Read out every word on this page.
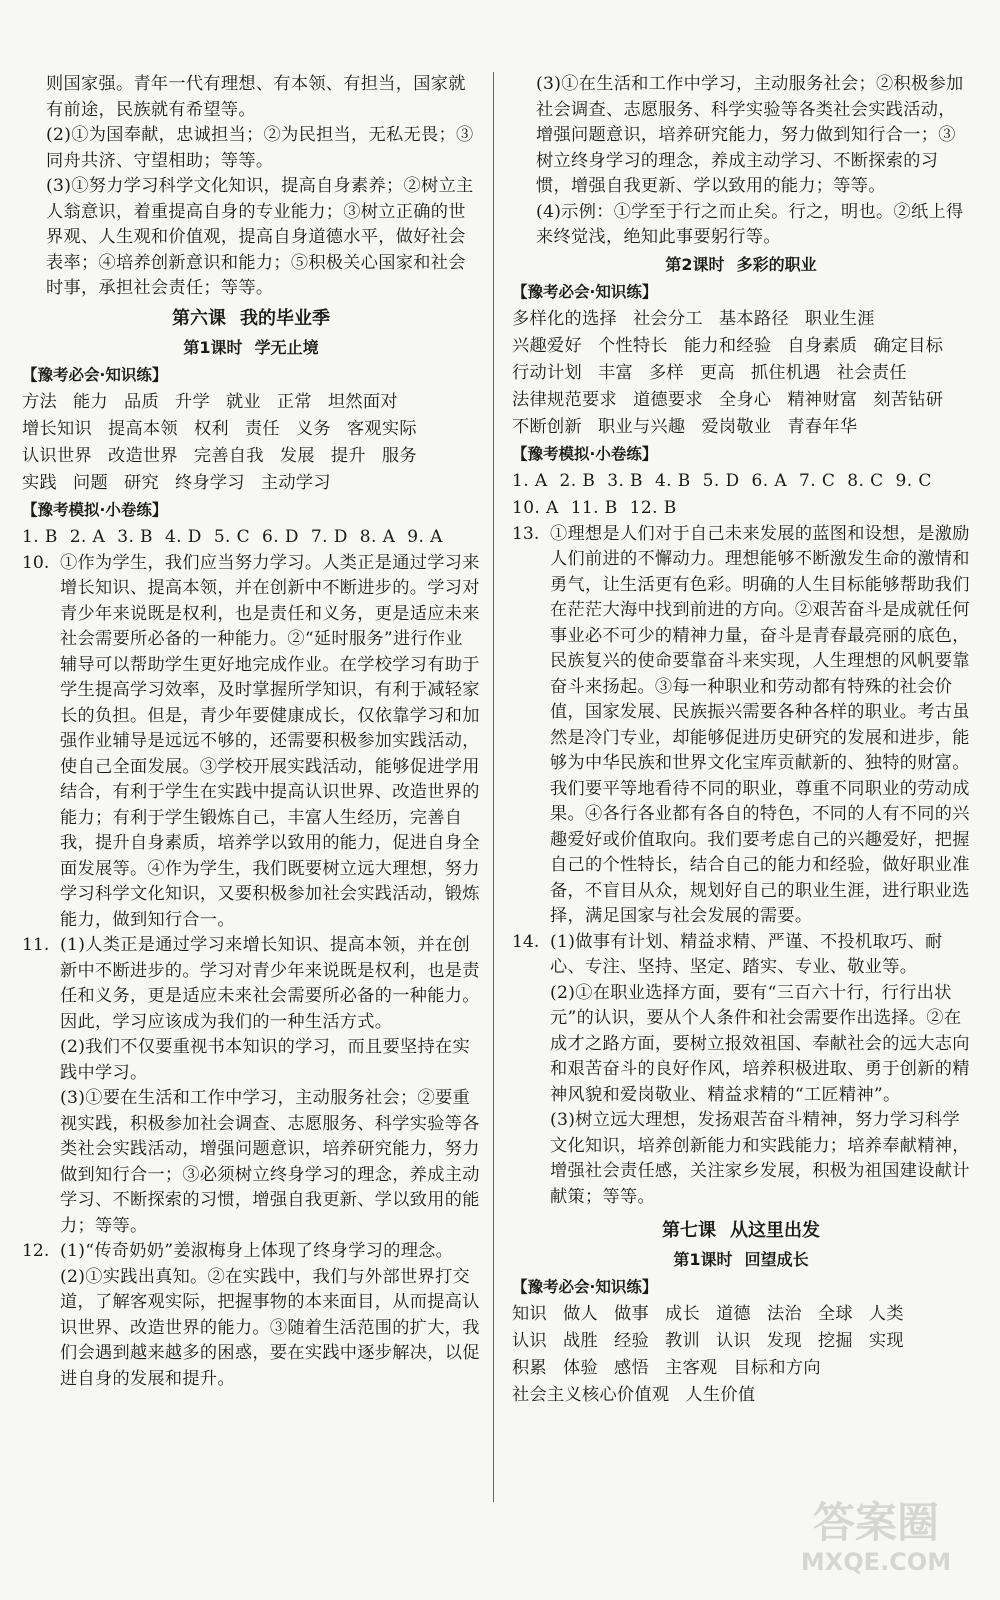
则国家强。青年一代有理想、有本领、有担当，国家就有前途，民族就有希望等。

(2)①为国奉献，忠诚担当；②为民担当，无私无畏；③同舟共济、守望相助；等等。

(3)①努力学习科学文化知识，提高自身素养；②树立主人翁意识，着重提高自身的专业能力；③树立正确的世界观、人生观和价值观，提高自身道德水平，做好社会表率；④培养创新意识和能力；⑤积极关心国家和社会时事，承担社会责任；等等。

第六课 我的毕业季
第1课时 学无止境
【豫考必会·知识练】
方法 能力 品质 升学 就业 正常 坦然面对增长知识 提高本领 权利 责任 义务 客观实际认识世界 改造世界 完善自我 发展 提升 服务实践 问题 研究 终身学习 主动学习
【豫考模拟·小卷练】
1. B 2. A 3. B 4. D 5. C 6. D 7. D 8. A 9. A
10. ①作为学生，我们应当努力学习。人类正是通过学习来增长知识、提高本领，并在创新中不断进步的。学习对青少年来说既是权利，也是责任和义务，更是适应未来社会需要所必备的一种能力。②“延时服务”进行作业辅导可以帮助学生更好地完成作业。在学校学习有助于学生提高学习效率，及时掌握所学知识，有利于减轻家长的负担。但是，青少年要健康成长，仅依靠学习和加强作业辅导是远远不够的，还需要积极参加实践活动，使自己全面发展。③学校开展实践活动，能够促进学用结合，有利于学生在实践中提高认识世界、改造世界的能力；有利于学生锻炼自己，丰富人生经历，完善自我，提升自身素质，培养学以致用的能力，促进自身全面发展等。④作为学生，我们既要树立远大理想，努力学习科学文化知识，又要积极参加社会实践活动，锻炼能力，做到知行合一。

11. (1)人类正是通过学习来增长知识、提高本领，并在创新中不断进步的。学习对青少年来说既是权利，也是责任和义务，更是适应未来社会需要所必备的一种能力。因此，学习应该成为我们的一种生活方式。

(2)我们不仅要重视书本知识的学习，而且要坚持在实践中学习。

(3)①要在生活和工作中学习，主动服务社会；②要重视实践，积极参加社会调查、志愿服务、科学实验等各类社会实践活动，增强问题意识，培养研究能力，努力做到知行合一；③必须树立终身学习的理念，养成主动学习、不断探索的习惯，增强自我更新、学以致用的能力；等等。

12. (1)“传奇奶奶”姜淑梅身上体现了终身学习的理念。

(2)①实践出真知。②在实践中，我们与外部世界打交道，了解客观实际，把握事物的本来面目，从而提高认识世界、改造世界的能力。③随着生活范围的扩大，我们会遇到越来越多的困惑，要在实践中逐步解决，以促进自身的发展和提升。

(3)①在生活和工作中学习，主动服务社会；②积极参加社会调查、志愿服务、科学实验等各类社会实践活动，增强问题意识，培养研究能力，努力做到知行合一；③树立终身学习的理念，养成主动学习、不断探索的习惯，增强自我更新、学以致用的能力；等等。

(4)示例：①学至于行之而止矣。行之，明也。②纸上得来终觉浅，绝知此事要躬行等。

第2课时 多彩的职业
【豫考必会·知识练】
多样化的选择 社会分工 基本路径 职业生涯兴趣爱好 个性特长 能力和经验 自身素质 确定目标行动计划 丰富 多样 更高 抓住机遇 社会责任法律规范要求 道德要求 全身心 精神财富 刻苦钻研不断创新 职业与兴趣 爱岗敬业 青春年华
【豫考模拟·小卷练】
1. A 2. B 3. B 4. B 5. D 6. A 7. C 8. C 9. C10. A 11. B 12. B
13. ①理想是人们对于自己未来发展的蓝图和设想，是激励人们前进的不懈动力。理想能够不断激发生命的激情和勇气，让生活更有色彩。明确的人生目标能够帮助我们在茫茫大海中找到前进的方向。②艰苦奋斗是成就任何事业必不可少的精神力量，奋斗是青春最亮丽的底色，民族复兴的使命要靠奋斗来实现，人生理想的风帆要靠奋斗来扬起。③每一种职业和劳动都有特殊的社会价值，国家发展、民族振兴需要各种各样的职业。考古虽然是冷门专业，却能够促进历史研究的发展和进步，能够为中华民族和世界文化宝库贡献新的、独特的财富。我们要平等地看待不同的职业，尊重不同职业的劳动成果。④各行各业都有各自的特色，不同的人有不同的兴趣爱好或价值取向。我们要考虑自己的兴趣爱好，把握自己的个性特长，结合自己的能力和经验，做好职业准备，不盲目从众，规划好自己的职业生涯，进行职业选择，满足国家与社会发展的需要。

14. (1)做事有计划、精益求精、严谨、不投机取巧、耐心、专注、坚持、坚定、踏实、专业、敬业等。

(2)①在职业选择方面，要有“三百六十行，行行出状元”的认识，要从个人条件和社会需要作出选择。②在成才之路方面，要树立报效祖国、奉献社会的远大志向和艰苦奋斗的良好作风，培养积极进取、勇于创新的精神风貌和爱岗敬业、精益求精的“工匠精神”。

(3)树立远大理想，发扬艰苦奋斗精神，努力学习科学文化知识，培养创新能力和实践能力；培养奉献精神，增强社会责任感，关注家乡发展，积极为祖国建设献计献策；等等。

第七课 从这里出发
第1课时 回望成长
【豫考必会·知识练】
知识 做人 做事 成长 道德 法治 全球 人类认识 战胜 经验 教训 认识 发现 挖掘 实现积累 体验 感悟 主客观 目标和方向社会主义核心价值观 人生价值
答案圈
MXQE.COM
